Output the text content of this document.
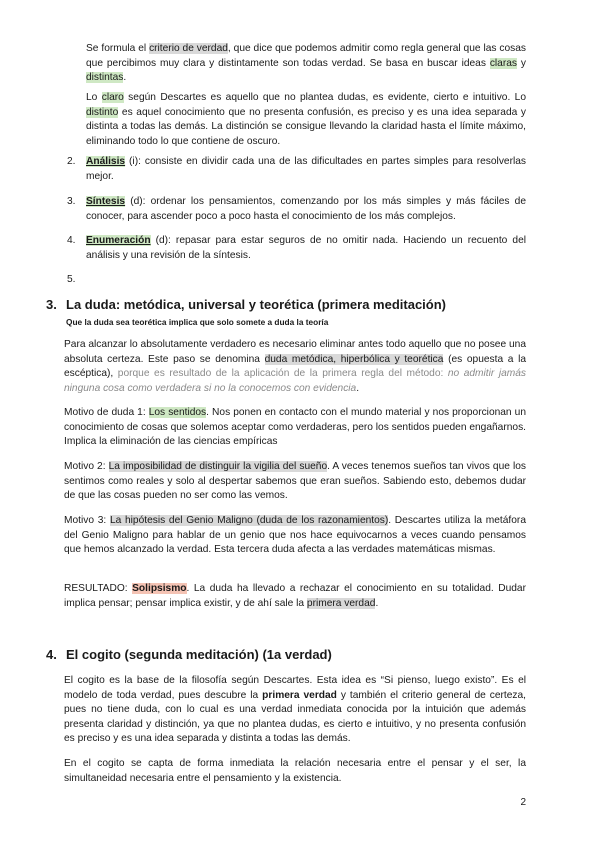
Se formula el criterio de verdad, que dice que podemos admitir como regla general que las cosas que percibimos muy clara y distintamente son todas verdad. Se basa en buscar ideas claras y distintas.

Lo claro según Descartes es aquello que no plantea dudas, es evidente, cierto e intuitivo. Lo distinto es aquel conocimiento que no presenta confusión, es preciso y es una idea separada y distinta a todas las demás. La distinción se consigue llevando la claridad hasta el límite máximo, eliminando todo lo que contiene de oscuro.

2. Análisis (i): consiste en dividir cada una de las dificultades en partes simples para resolverlas mejor.

3. Síntesis (d): ordenar los pensamientos, comenzando por los más simples y más fáciles de conocer, para ascender poco a poco hasta el conocimiento de los más complejos.

4. Enumeración (d): repasar para estar seguros de no omitir nada. Haciendo un recuento del análisis y una revisión de la síntesis.

5.
3. La duda: metódica, universal y teorética (primera meditación)
Que la duda sea teorética implica que solo somete a duda la teoría

Para alcanzar lo absolutamente verdadero es necesario eliminar antes todo aquello que no posee una absoluta certeza. Este paso se denomina duda metódica, hiperbólica y teorética (es opuesta a la escéptica), porque es resultado de la aplicación de la primera regla del método: no admitir jamás ninguna cosa como verdadera si no la conocemos con evidencia.

Motivo de duda 1: Los sentidos. Nos ponen en contacto con el mundo material y nos proporcionan un conocimiento de cosas que solemos aceptar como verdaderas, pero los sentidos pueden engañarnos. Implica la eliminación de las ciencias empíricas

Motivo 2: La imposibilidad de distinguir la vigilia del sueño. A veces tenemos sueños tan vivos que los sentimos como reales y solo al despertar sabemos que eran sueños. Sabiendo esto, debemos dudar de que las cosas pueden no ser como las vemos.

Motivo 3: La hipótesis del Genio Maligno (duda de los razonamientos). Descartes utiliza la metáfora del Genio Maligno para hablar de un genio que nos hace equivocarnos a veces cuando pensamos que hemos alcanzado la verdad. Esta tercera duda afecta a las verdades matemáticas mismas.

RESULTADO: Solipsismo. La duda ha llevado a rechazar el conocimiento en su totalidad. Dudar implica pensar; pensar implica existir, y de ahí sale la primera verdad.

4. El cogito (segunda meditación) (1a verdad)

El cogito es la base de la filosofía según Descartes. Esta idea es “Si pienso, luego existo”. Es el modelo de toda verdad, pues descubre la primera verdad y también el criterio general de certeza, pues no tiene duda, con lo cual es una verdad inmediata conocida por la intuición que además presenta claridad y distinción, ya que no plantea dudas, es cierto e intuitivo, y no presenta confusión es preciso y es una idea separada y distinta a todas las demás.

En el cogito se capta de forma inmediata la relación necesaria entre el pensar y el ser, la simultaneidad necesaria entre el pensamiento y la existencia.

2
